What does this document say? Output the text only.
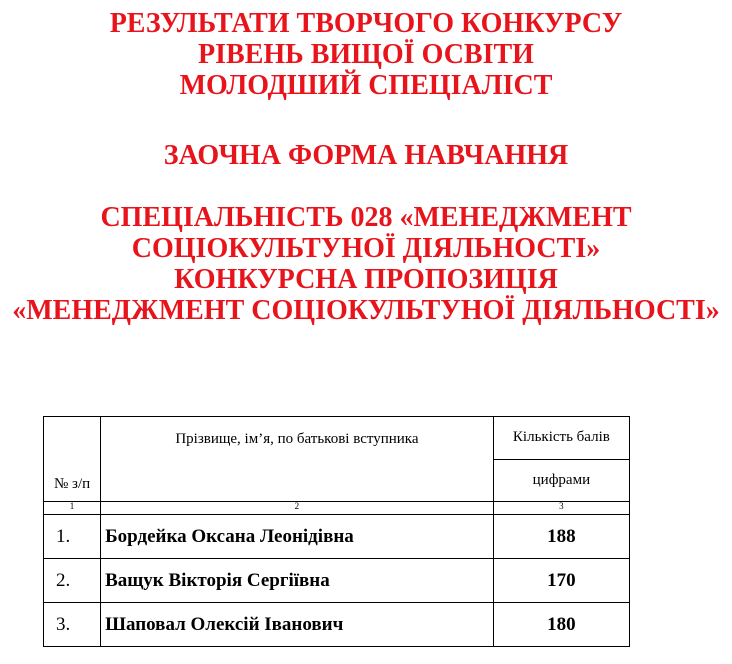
РЕЗУЛЬТАТИ ТВОРЧОГО КОНКУРСУ
РІВЕНЬ ВИЩОЇ ОСВІТИ
МОЛОДШИЙ СПЕЦІАЛІСТ
ЗАОЧНА ФОРМА НАВЧАННЯ
СПЕЦІАЛЬНІСТЬ 028 «МЕНЕДЖМЕНТ
СОЦІОКУЛЬТУНОЇ ДІЯЛЬНОСТІ»
КОНКУРСНА ПРОПОЗИЦІЯ
«МЕНЕДЖМЕНТ СОЦІОКУЛЬТУНОЇ ДІЯЛЬНОСТІ»
№ з/п	Прізвище, ім’я, по батькові вступника	Кількість балів
		цифрами
1	2	3
1.	Бордейка Оксана Леонідівна	188
2.	Ващук Вікторія Сергіївна	170
3.	Шаповал Олексій Іванович	180
